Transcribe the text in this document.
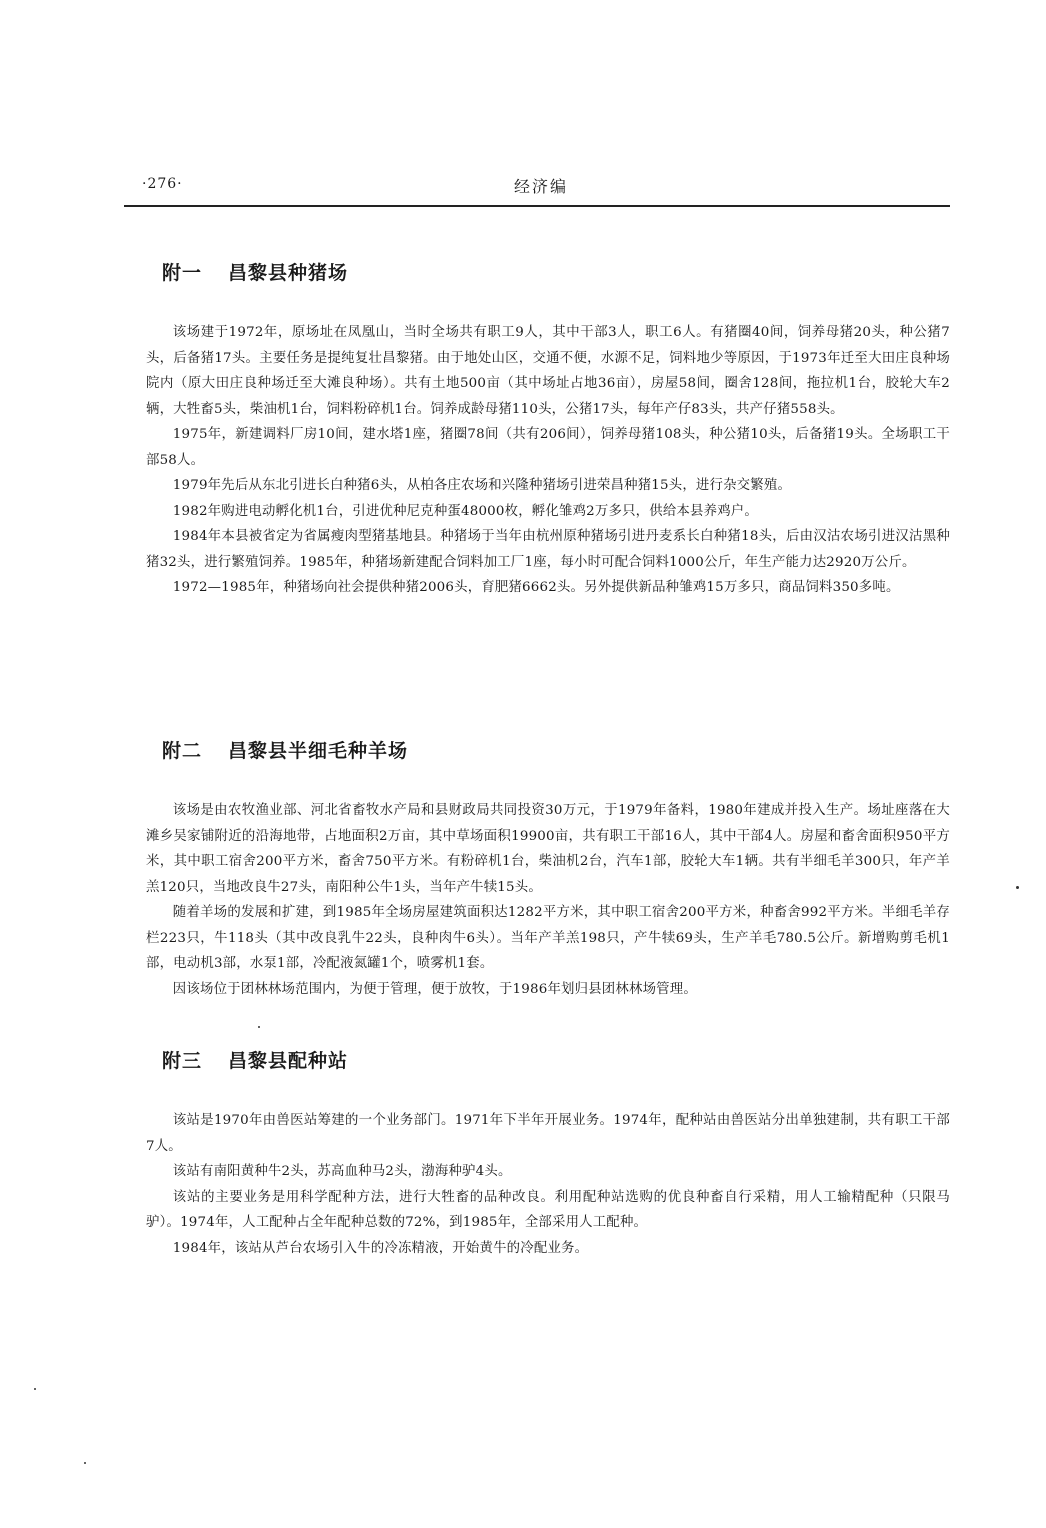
·276·	经济编
附一 昌黎县种猪场

该场建于1972年，原场址在凤凰山，当时全场共有职工9人，其中干部3人，职工6人。有猪圈40间，饲养母猪20头，种公猪7头，后备猪17头。主要任务是提纯复壮昌黎猪。由于地处山区，交通不便，水源不足，饲料地少等原因，于1973年迁至大田庄良种场院内（原大田庄良种场迁至大滩良种场）。共有土地500亩（其中场址占地36亩），房屋58间，圈舍128间，拖拉机1台，胶轮大车2辆，大牲畜5头，柴油机1台，饲料粉碎机1台。饲养成龄母猪110头，公猪17头，每年产仔83头，共产仔猪558头。

1975年，新建调料厂房10间，建水塔1座，猪圈78间（共有206间），饲养母猪108头，种公猪10头，后备猪19头。全场职工干部58人。

1979年先后从东北引进长白种猪6头，从柏各庄农场和兴隆种猪场引进荣昌种猪15头，进行杂交繁殖。

1982年购进电动孵化机1台，引进优种尼克种蛋48000枚，孵化雏鸡2万多只，供给本县养鸡户。

1984年本县被省定为省属瘦肉型猪基地县。种猪场于当年由杭州原种猪场引进丹麦系长白种猪18头，后由汉沽农场引进汉沽黑种猪32头，进行繁殖饲养。1985年，种猪场新建配合饲料加工厂1座，每小时可配合饲料1000公斤，年生产能力达2920万公斤。

1972—1985年，种猪场向社会提供种猪2006头，育肥猪6662头。另外提供新品种雏鸡15万多只，商品饲料350多吨。

附二 昌黎县半细毛种羊场

该场是由农牧渔业部、河北省畜牧水产局和县财政局共同投资30万元，于1979年备料，1980年建成并投入生产。场址座落在大滩乡吴家铺附近的沿海地带，占地面积2万亩，其中草场面积19900亩，共有职工干部16人，其中干部4人。房屋和畜舍面积950平方米，其中职工宿舍200平方米，畜舍750平方米。有粉碎机1台，柴油机2台，汽车1部，胶轮大车1辆。共有半细毛羊300只，年产羊羔120只，当地改良牛27头，南阳种公牛1头，当年产牛犊15头。

随着羊场的发展和扩建，到1985年全场房屋建筑面积达1282平方米，其中职工宿舍200平方米，种畜舍992平方米。半细毛羊存栏223只，牛118头（其中改良乳牛22头，良种肉牛6头）。当年产羊羔198只，产牛犊69头，生产羊毛780.5公斤。新增购剪毛机1部，电动机3部，水泵1部，冷配液氮罐1个，喷雾机1套。

因该场位于团林林场范围内，为便于管理，便于放牧，于1986年划归县团林林场管理。

附三 昌黎县配种站

该站是1970年由兽医站筹建的一个业务部门。1971年下半年开展业务。1974年，配种站由兽医站分出单独建制，共有职工干部7人。

该站有南阳黄种牛2头，苏高血种马2头，渤海种驴4头。

该站的主要业务是用科学配种方法，进行大牲畜的品种改良。利用配种站选购的优良种畜自行采精，用人工输精配种（只限马驴）。1974年，人工配种占全年配种总数的72%，到1985年，全部采用人工配种。

1984年，该站从芦台农场引入牛的冷冻精液，开始黄牛的冷配业务。
